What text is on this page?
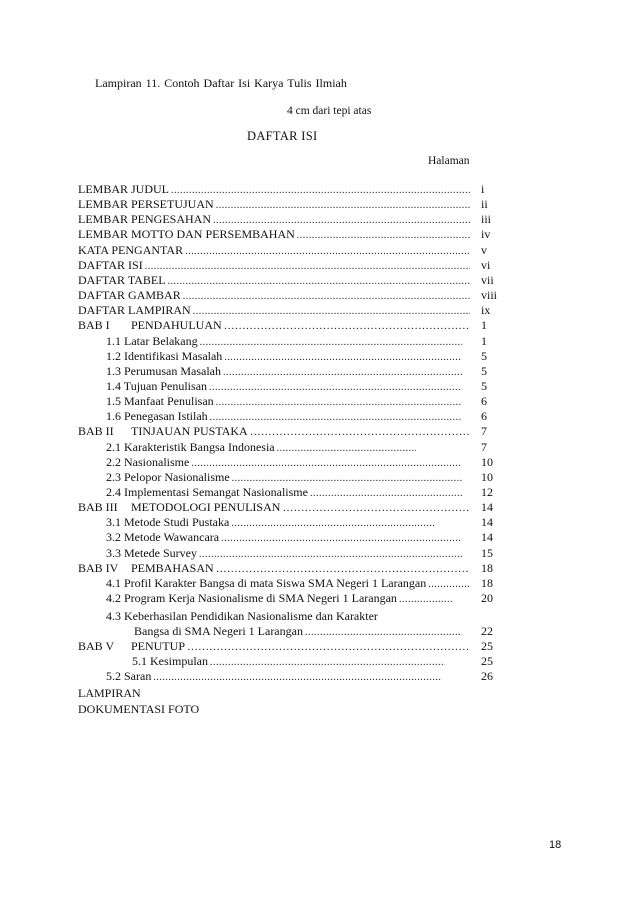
Lampiran 11. Contoh Daftar Isi Karya Tulis Ilmiah
4 cm dari tepi atas
DAFTAR ISI
Halaman
LEMBAR JUDUL .....	i
LEMBAR PERSETUJUAN .....	ii
LEMBAR PENGESAHAN .....	iii
LEMBAR MOTTO DAN PERSEMBAHAN .....	iv
KATA PENGANTAR .....	v
DAFTAR ISI .....	vi
DAFTAR TABEL .....	vii
DAFTAR GAMBAR .....	viii
DAFTAR LAMPIRAN .....	ix
BAB I PENDAHULUAN …………………………………………………………………………………………………………………………	1
1.1 Latar Belakang .....	1
1.2 Identifikasi Masalah .....	5
1.3 Perumusan Masalah .....	5
1.4 Tujuan Penulisan .....	5
1.5 Manfaat Penulisan .....	6
1.6 Penegasan Istilah .....	6
BAB II TINJAUAN PUSTAKA …………………………………………………………………………………………………………………………	7
2.1 Karakteristik Bangsa Indonesia .....	7
2.2 Nasionalisme .....	10
2.3 Pelopor Nasionalisme .....	10
2.4 Implementasi Semangat Nasionalisme .....	12
BAB III METODOLOGI PENULISAN …………………………………………………………………………………………………………………………	14
3.1 Metode Studi Pustaka .....	14
3.2 Metode Wawancara .....	14
3.3 Metede Survey .....	15
BAB IV PEMBAHASAN …………………………………………………………………………………………………………………………	18
4.1 Profil Karakter Bangsa di mata Siswa SMA Negeri 1 Larangan .....	18
4.2 Program Kerja Nasionalisme di SMA Negeri 1 Larangan .....	20
4.3 Keberhasilan Pendidikan Nasionalisme dan Karakter
Bangsa di SMA Negeri 1 Larangan .....	22
BAB V PENUTUP …………………………………………………………………………………………………………………………	25
5.1 Kesimpulan .....	25
5.2 Saran .....	26
LAMPIRAN
DOKUMENTASI FOTO
18
